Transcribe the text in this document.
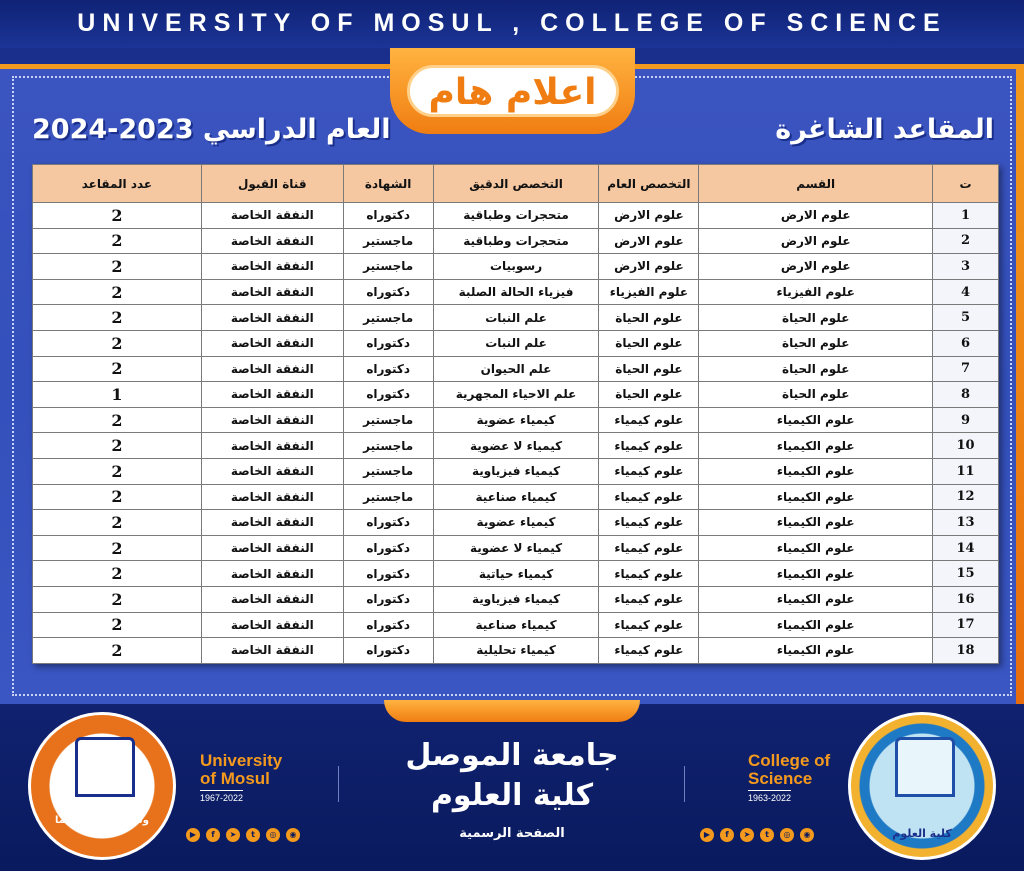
UNIVERSITY OF MOSUL , COLLEGE OF SCIENCE
اعلام هام
المقاعد الشاغرة
العام الدراسي 2023-2024
ت	القسم	التخصص العام	التخصص الدقيق	الشهادة	قناة القبول	عدد المقاعد
1	علوم الارض	علوم الارض	متحجرات وطباقية	دكتوراه	النفقة الخاصة	2
2	علوم الارض	علوم الارض	متحجرات وطباقية	ماجستير	النفقة الخاصة	2
3	علوم الارض	علوم الارض	رسوبيات	ماجستير	النفقة الخاصة	2
4	علوم الفيزياء	علوم الفيزياء	فيزياء الحالة الصلبة	دكتوراه	النفقة الخاصة	2
5	علوم الحياة	علوم الحياة	علم النبات	ماجستير	النفقة الخاصة	2
6	علوم الحياة	علوم الحياة	علم النبات	دكتوراه	النفقة الخاصة	2
7	علوم الحياة	علوم الحياة	علم الحيوان	دكتوراه	النفقة الخاصة	2
8	علوم الحياة	علوم الحياة	علم الاحياء المجهرية	دكتوراه	النفقة الخاصة	1
9	علوم الكيمياء	علوم كيمياء	كيمياء عضوية	ماجستير	النفقة الخاصة	2
10	علوم الكيمياء	علوم كيمياء	كيمياء لا عضوية	ماجستير	النفقة الخاصة	2
11	علوم الكيمياء	علوم كيمياء	كيمياء فيزياوية	ماجستير	النفقة الخاصة	2
12	علوم الكيمياء	علوم كيمياء	كيمياء صناعية	ماجستير	النفقة الخاصة	2
13	علوم الكيمياء	علوم كيمياء	كيمياء عضوية	دكتوراه	النفقة الخاصة	2
14	علوم الكيمياء	علوم كيمياء	كيمياء لا عضوية	دكتوراه	النفقة الخاصة	2
15	علوم الكيمياء	علوم كيمياء	كيمياء حياتية	دكتوراه	النفقة الخاصة	2
16	علوم الكيمياء	علوم كيمياء	كيمياء فيزياوية	دكتوراه	النفقة الخاصة	2
17	علوم الكيمياء	علوم كيمياء	كيمياء صناعية	دكتوراه	النفقة الخاصة	2
18	علوم الكيمياء	علوم كيمياء	كيمياء تحليلية	دكتوراه	النفقة الخاصة	2
وقل رب زدني علما
كلية العلوم
University
of Mosul
1967-2022
College of
Science
1963-2022
جامعة الموصل
كلية العلوم
الصفحة الرسمية
▶	f	➤	t	◎	◉	▶	f	➤	t	◎	◉
